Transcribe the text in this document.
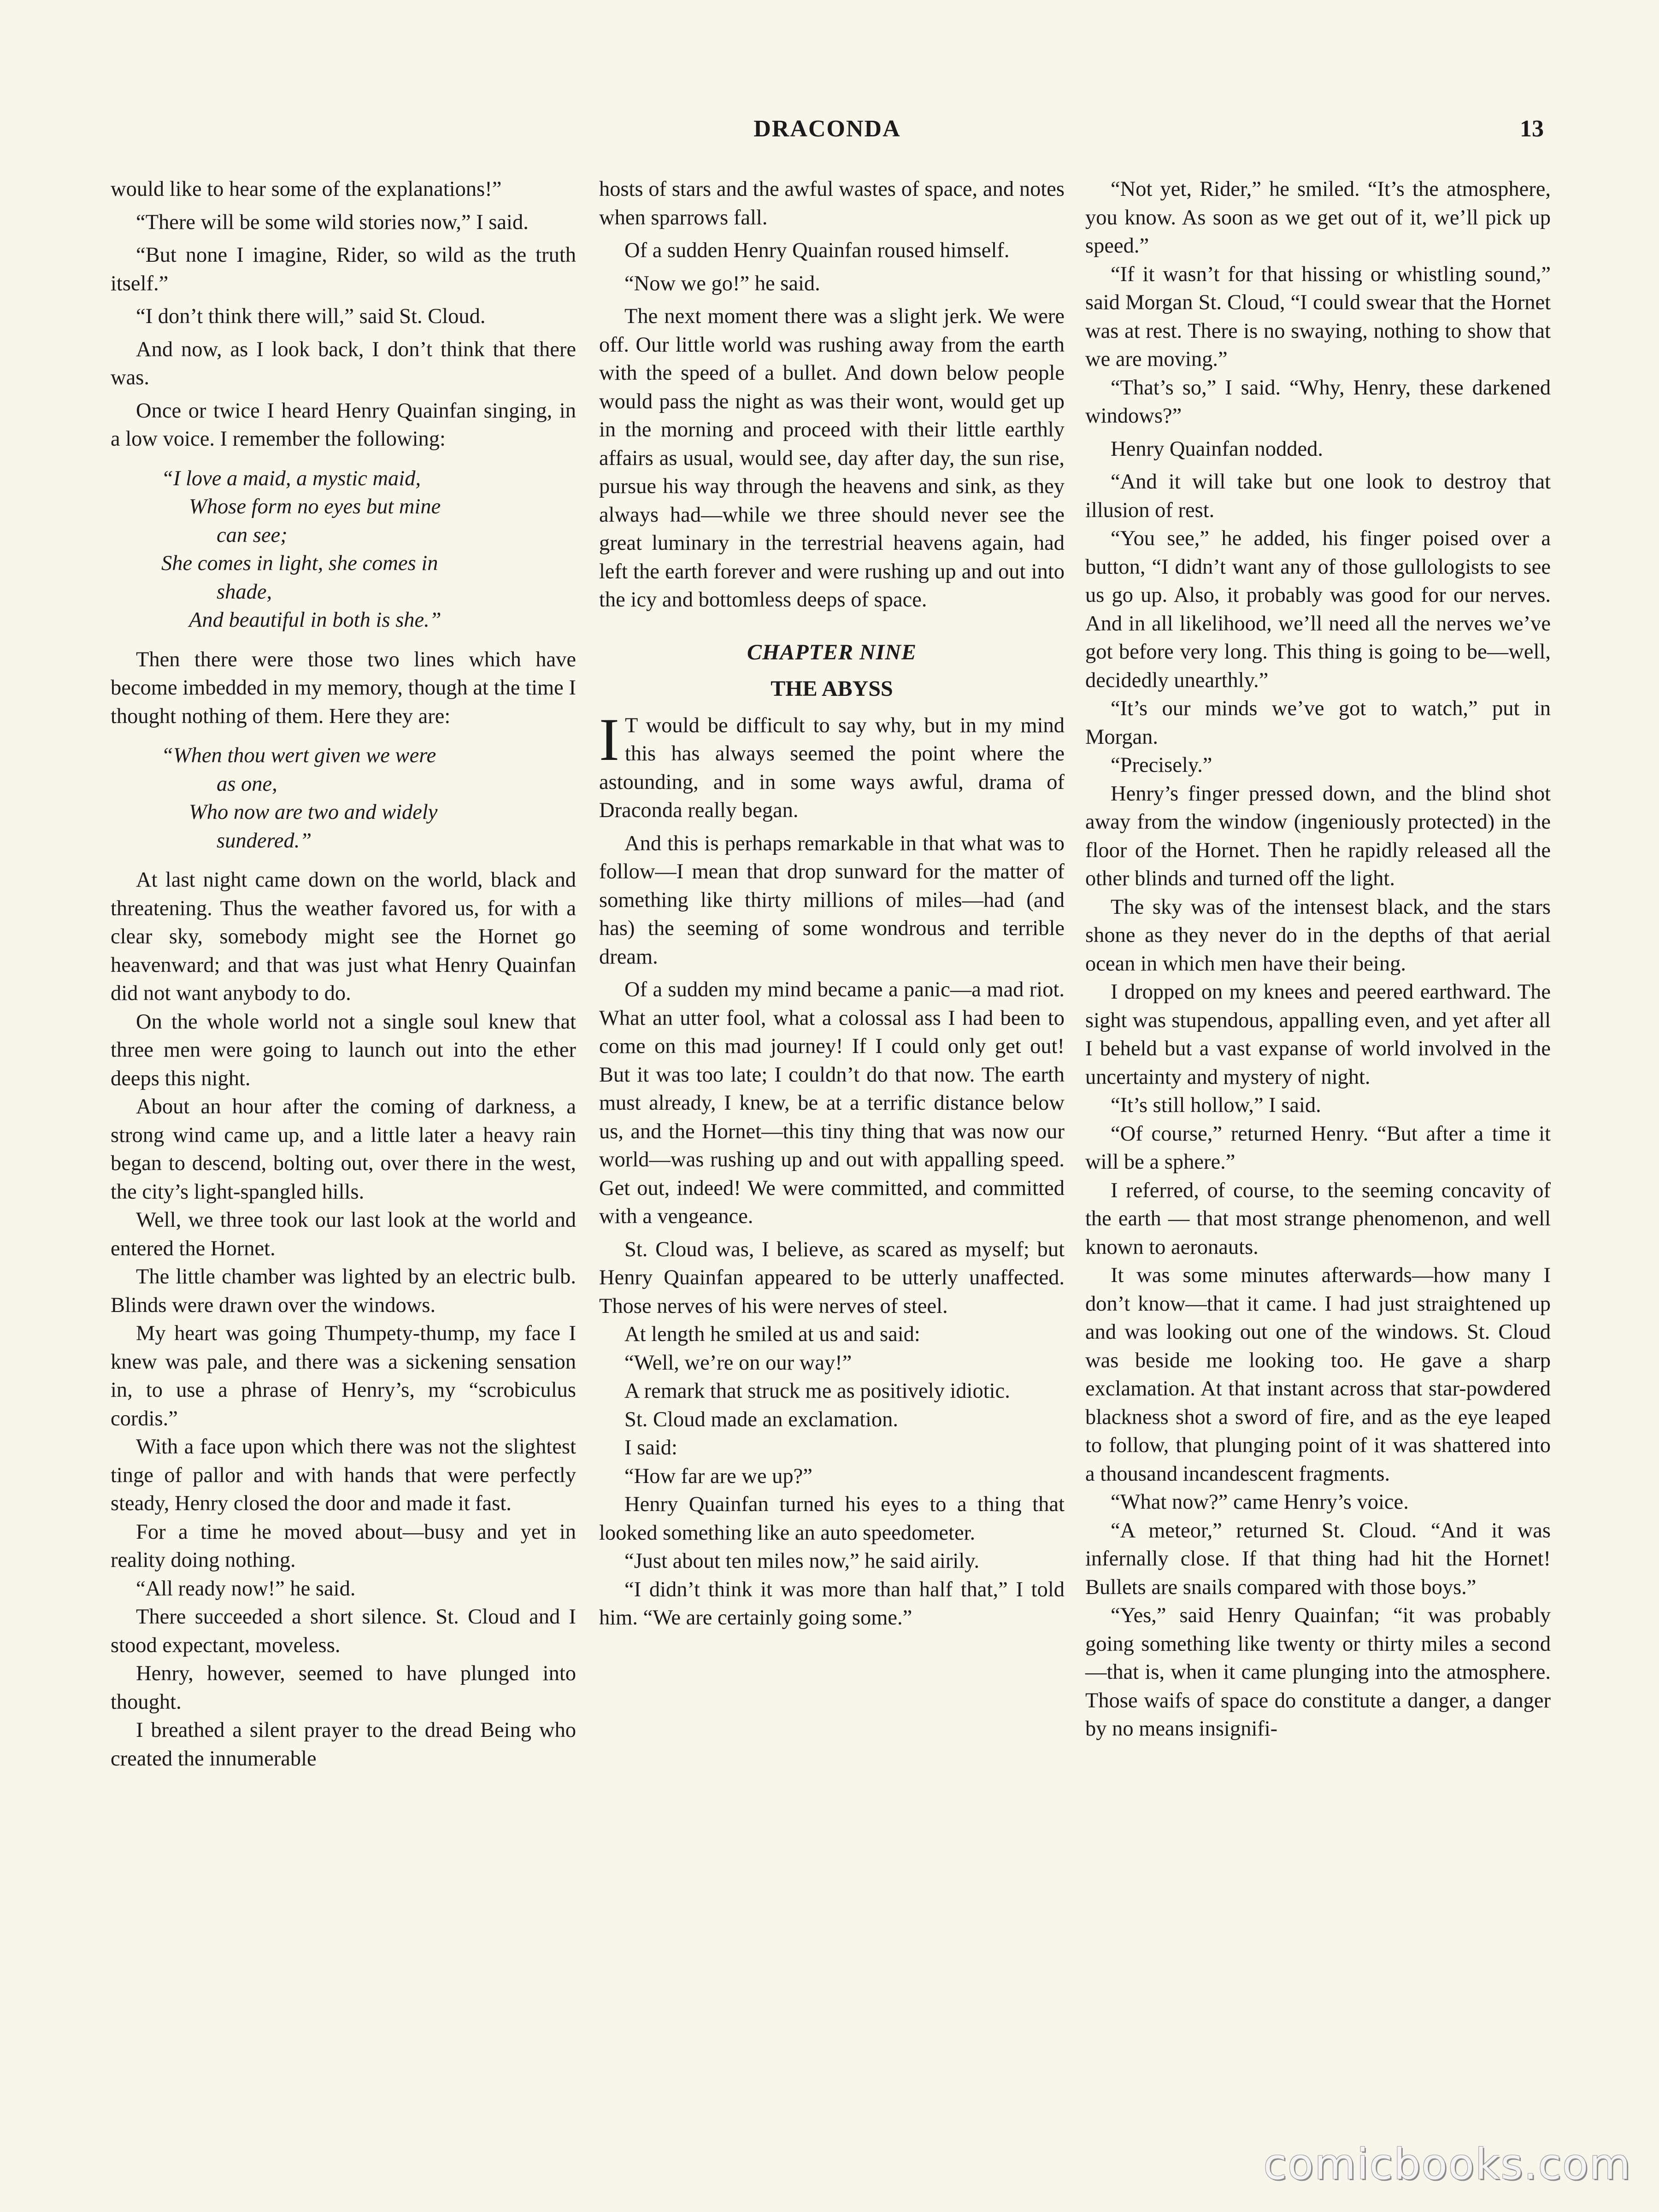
DRACONDA	13

would like to hear some of the explanations!”

“There will be some wild stories now,” I said.

“But none I imagine, Rider, so wild as the truth itself.”

“I don’t think there will,” said St. Cloud.

And now, as I look back, I don’t think that there was.

Once or twice I heard Henry Quainfan singing, in a low voice. I remember the following:

“I love a maid, a mystic maid,
Whose form no eyes but mine
can see;
She comes in light, she comes in
shade,
And beautiful in both is she.”

Then there were those two lines which have become imbedded in my memory, though at the time I thought nothing of them. Here they are:

“When thou wert given we were
as one,
Who now are two and widely
sundered.”

At last night came down on the world, black and threatening. Thus the weather favored us, for with a clear sky, somebody might see the Hornet go heavenward; and that was just what Henry Quainfan did not want anybody to do.

On the whole world not a single soul knew that three men were going to launch out into the ether deeps this night.

About an hour after the coming of darkness, a strong wind came up, and a little later a heavy rain began to descend, bolting out, over there in the west, the city’s light-spangled hills.

Well, we three took our last look at the world and entered the Hornet.

The little chamber was lighted by an electric bulb. Blinds were drawn over the windows.

My heart was going Thumpety-thump, my face I knew was pale, and there was a sickening sensation in, to use a phrase of Henry’s, my “scrobiculus cordis.”

With a face upon which there was not the slightest tinge of pallor and with hands that were perfectly steady, Henry closed the door and made it fast.

For a time he moved about—busy and yet in reality doing nothing.

“All ready now!” he said.

There succeeded a short silence. St. Cloud and I stood expectant, moveless.

Henry, however, seemed to have plunged into thought.

I breathed a silent prayer to the dread Being who created the innumerable

hosts of stars and the awful wastes of space, and notes when sparrows fall.

Of a sudden Henry Quainfan roused himself.

“Now we go!” he said.

The next moment there was a slight jerk. We were off. Our little world was rushing away from the earth with the speed of a bullet. And down below people would pass the night as was their wont, would get up in the morning and proceed with their little earthly affairs as usual, would see, day after day, the sun rise, pursue his way through the heavens and sink, as they always had—while we three should never see the great luminary in the terrestrial heavens again, had left the earth forever and were rushing up and out into the icy and bottomless deeps of space.

CHAPTER NINE
THE ABYSS

I T would be difficult to say why, but in my mind this has always seemed the point where the astounding, and in some ways awful, drama of Draconda really began.

And this is perhaps remarkable in that what was to follow—I mean that drop sunward for the matter of something like thirty millions of miles—had (and has) the seeming of some wondrous and terrible dream.

Of a sudden my mind became a panic—a mad riot. What an utter fool, what a colossal ass I had been to come on this mad journey! If I could only get out! But it was too late; I couldn’t do that now. The earth must already, I knew, be at a terrific distance below us, and the Hornet—this tiny thing that was now our world—was rushing up and out with appalling speed. Get out, indeed! We were committed, and committed with a vengeance.

St. Cloud was, I believe, as scared as myself; but Henry Quainfan appeared to be utterly unaffected. Those nerves of his were nerves of steel.

At length he smiled at us and said:

“Well, we’re on our way!”

A remark that struck me as positively idiotic.

St. Cloud made an exclamation.

I said:

“How far are we up?”

Henry Quainfan turned his eyes to a thing that looked something like an auto speedometer.

“Just about ten miles now,” he said airily.

“I didn’t think it was more than half that,” I told him. “We are certainly going some.”

“Not yet, Rider,” he smiled. “It’s the atmosphere, you know. As soon as we get out of it, we’ll pick up speed.”

“If it wasn’t for that hissing or whistling sound,” said Morgan St. Cloud, “I could swear that the Hornet was at rest. There is no swaying, nothing to show that we are moving.”

“That’s so,” I said. “Why, Henry, these darkened windows?”

Henry Quainfan nodded.

“And it will take but one look to destroy that illusion of rest.

“You see,” he added, his finger poised over a button, “I didn’t want any of those gullologists to see us go up. Also, it probably was good for our nerves. And in all likelihood, we’ll need all the nerves we’ve got before very long. This thing is going to be—well, decidedly unearthly.”

“It’s our minds we’ve got to watch,” put in Morgan.

“Precisely.”

Henry’s finger pressed down, and the blind shot away from the window (ingeniously protected) in the floor of the Hornet. Then he rapidly released all the other blinds and turned off the light.

The sky was of the intensest black, and the stars shone as they never do in the depths of that aerial ocean in which men have their being.

I dropped on my knees and peered earthward. The sight was stupendous, appalling even, and yet after all I beheld but a vast expanse of world involved in the uncertainty and mystery of night.

“It’s still hollow,” I said.

“Of course,” returned Henry. “But after a time it will be a sphere.”

I referred, of course, to the seeming concavity of the earth — that most strange phenomenon, and well known to aeronauts.

It was some minutes afterwards—how many I don’t know—that it came. I had just straightened up and was looking out one of the windows. St. Cloud was beside me looking too. He gave a sharp exclamation. At that instant across that star-powdered blackness shot a sword of fire, and as the eye leaped to follow, that plunging point of it was shattered into a thousand incandescent fragments.

“What now?” came Henry’s voice.

“A meteor,” returned St. Cloud. “And it was infernally close. If that thing had hit the Hornet! Bullets are snails compared with those boys.”

“Yes,” said Henry Quainfan; “it was probably going something like twenty or thirty miles a second—that is, when it came plunging into the atmosphere. Those waifs of space do constitute a danger, a danger by no means insignifi-

comicbooks.com
